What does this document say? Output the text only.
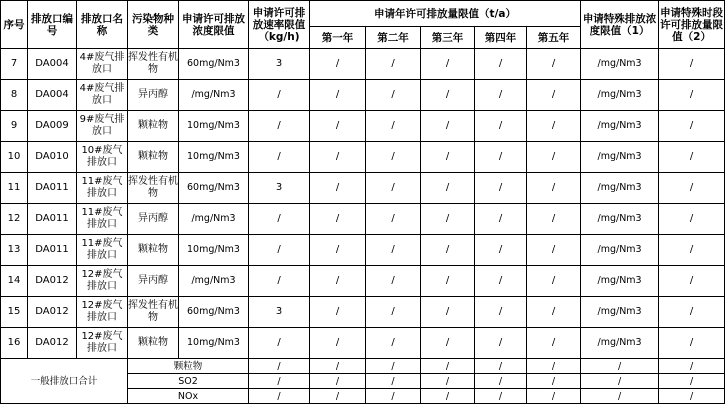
序号	排放口编号	排放口名称	污染物种类	申请许可排放浓度限值	申请许可排放速率限值（kg/h)	申请年许可排放量限值（t/a）					申请特殊排放浓度限值（1）	申请特殊时段许可排放量限值（2）
						第一年	第二年	第三年	第四年	第五年		
7	DA004	4#废气排放口	挥发性有机物	60mg/Nm3	3	/	/	/	/	/	/mg/Nm3	/
8	DA004	4#废气排放口	异丙醇	/mg/Nm3	/	/	/	/	/	/	/mg/Nm3	/
9	DA009	9#废气排放口	颗粒物	10mg/Nm3	/	/	/	/	/	/	/mg/Nm3	/
10	DA010	10#废气排放口	颗粒物	10mg/Nm3	/	/	/	/	/	/	/mg/Nm3	/
11	DA011	11#废气排放口	挥发性有机物	60mg/Nm3	3	/	/	/	/	/	/mg/Nm3	/
12	DA011	11#废气排放口	异丙醇	/mg/Nm3	/	/	/	/	/	/	/mg/Nm3	/
13	DA011	11#废气排放口	颗粒物	10mg/Nm3	/	/	/	/	/	/	/mg/Nm3	/
14	DA012	12#废气排放口	异丙醇	/mg/Nm3	/	/	/	/	/	/	/mg/Nm3	/
15	DA012	12#废气排放口	挥发性有机物	60mg/Nm3	3	/	/	/	/	/	/mg/Nm3	/
16	DA012	12#废气排放口	颗粒物	10mg/Nm3	/	/	/	/	/	/	/mg/Nm3	/
一般排放口合计			颗粒物		/	/	/	/	/	/	/	/
			SO2		/	/	/	/	/	/	/	/
			NOx		/	/	/	/	/	/	/	/
